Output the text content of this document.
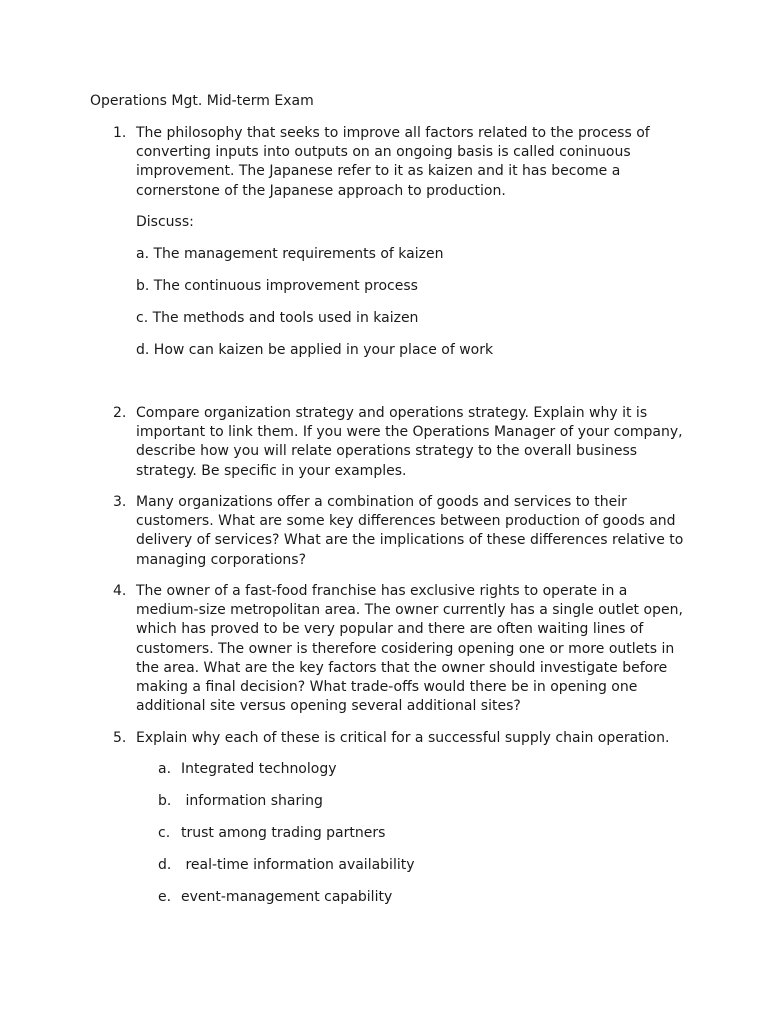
Operations Mgt. Mid-term Exam
1. The philosophy that seeks to improve all factors related to the process of
converting inputs into outputs on an ongoing basis is called coninuous
improvement. The Japanese refer to it as kaizen and it has become a
cornerstone of the Japanese approach to production.
Discuss:
a. The management requirements of kaizen
b. The continuous improvement process
c. The methods and tools used in kaizen
d. How can kaizen be applied in your place of work
2. Compare organization strategy and operations strategy. Explain why it is
important to link them. If you were the Operations Manager of your company,
describe how you will relate operations strategy to the overall business
strategy. Be specific in your examples.
3. Many organizations offer a combination of goods and services to their
customers. What are some key differences between production of goods and
delivery of services? What are the implications of these differences relative to
managing corporations?
4. The owner of a fast-food franchise has exclusive rights to operate in a
medium-size metropolitan area. The owner currently has a single outlet open,
which has proved to be very popular and there are often waiting lines of
customers. The owner is therefore cosidering opening one or more outlets in
the area. What are the key factors that the owner should investigate before
making a final decision? What trade-offs would there be in opening one
additional site versus opening several additional sites?
5. Explain why each of these is critical for a successful supply chain operation.
a. Integrated technology
b. information sharing
c. trust among trading partners
d. real-time information availability
e. event-management capability
